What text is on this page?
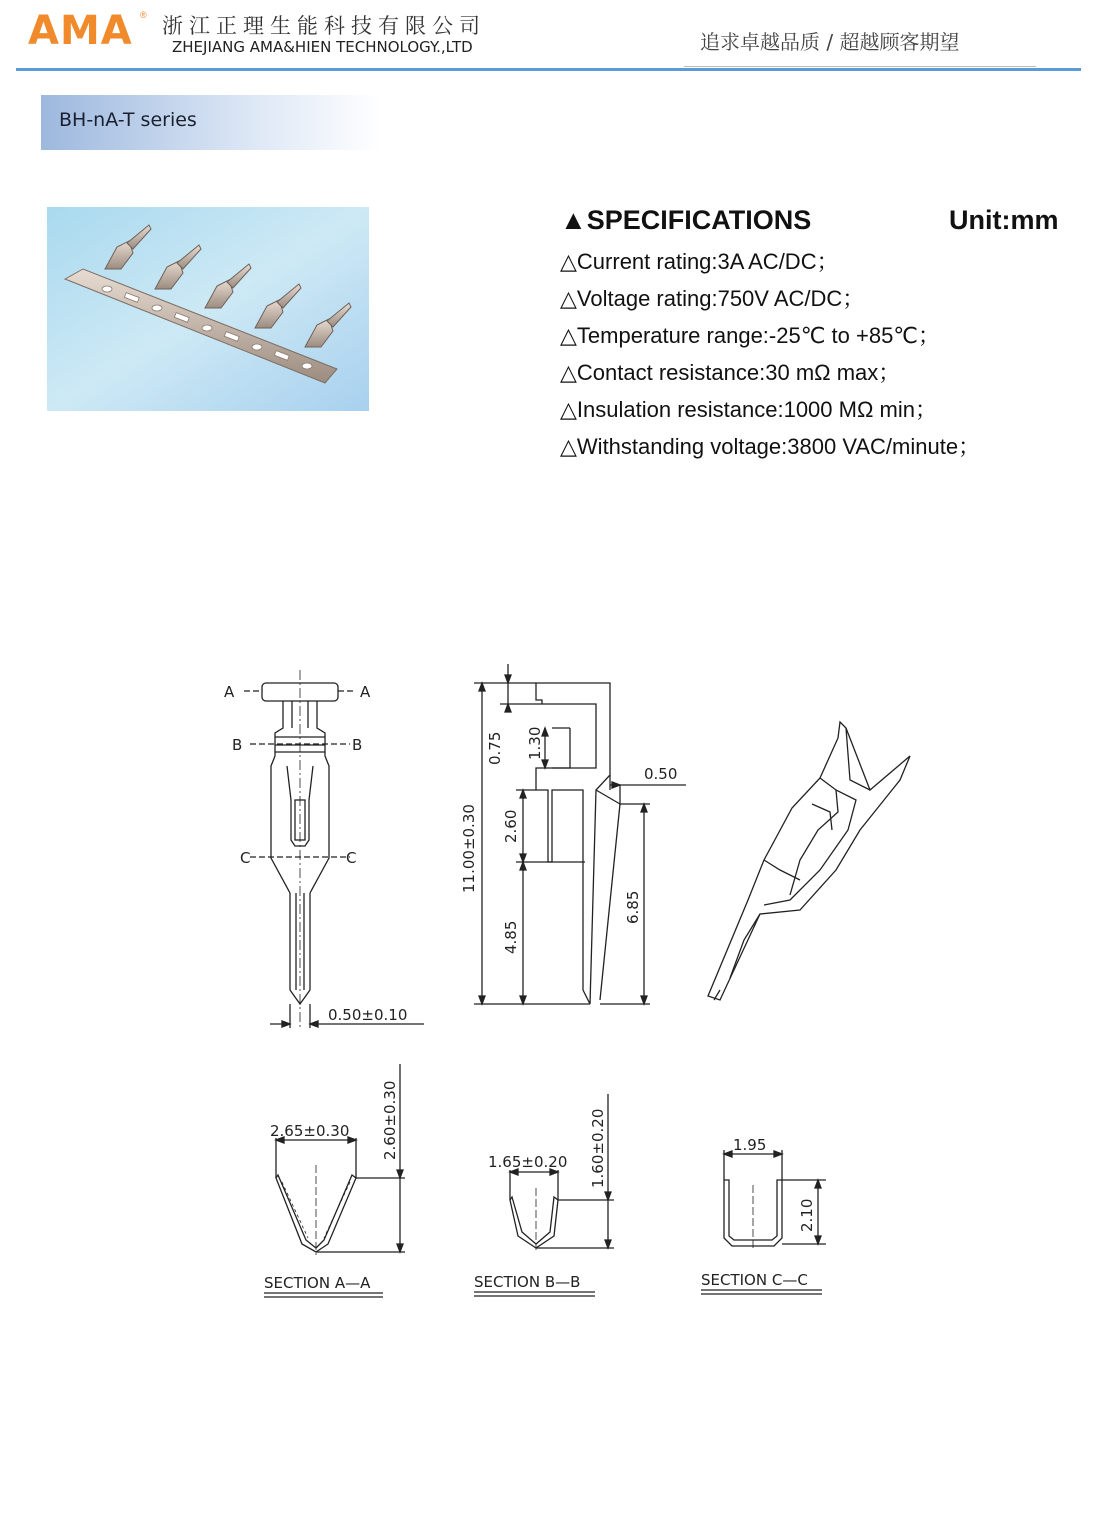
AMA ® 浙江正理生能科技有限公司
ZHEJIANG AMA&HIEN TECHNOLOGY.,LTD	追求卓越品质 / 超越顾客期望
BH-nA-T series
▲SPECIFICATIONS	Unit:mm
△Current rating:3A AC/DC；
△Voltage rating:750V AC/DC；
△Temperature range:-25℃ to +85℃；
△Contact resistance:30 mΩ max；
△Insulation resistance:1000 MΩ min；
△Withstanding voltage:3800 VAC/minute；
A	A
B	B
C	C
0.50±0.10
0.50
0.75 1.30
11.00±0.30 2.60
4.85
6.85
2.65±0.30 2.60±0.30
1.65±0.20 1.60±0.20	1.95
2.10
SECTION A—A	SECTION B—B	SECTION C—C
